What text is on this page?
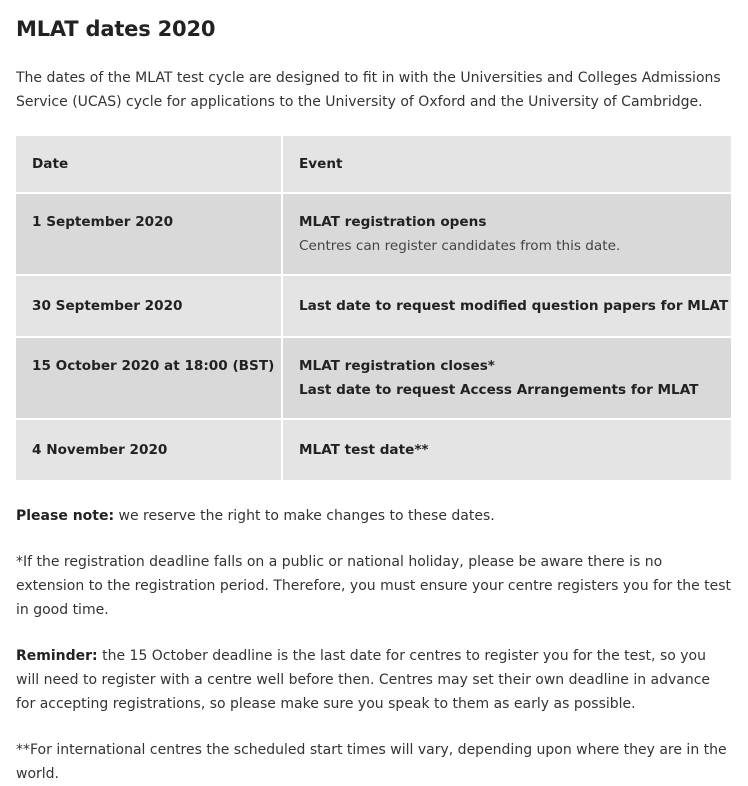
MLAT dates 2020

The dates of the MLAT test cycle are designed to fit in with the Universities and Colleges Admissions Service (UCAS) cycle for applications to the University of Oxford and the University of Cambridge.

Date	Event

1 September 2020	MLAT registration opens
Centres can register candidates from this date.

30 September 2020	Last date to request modified question papers for MLAT

15 October 2020 at 18:00 (BST)	MLAT registration closes*
Last date to request Access Arrangements for MLAT

4 November 2020	MLAT test date**

Please note: we reserve the right to make changes to these dates.

*If the registration deadline falls on a public or national holiday, please be aware there is no extension to the registration period. Therefore, you must ensure your centre registers you for the test in good time.

Reminder: the 15 October deadline is the last date for centres to register you for the test, so you will need to register with a centre well before then. Centres may set their own deadline in advance for accepting registrations, so please make sure you speak to them as early as possible.

**For international centres the scheduled start times will vary, depending upon where they are in the world.
